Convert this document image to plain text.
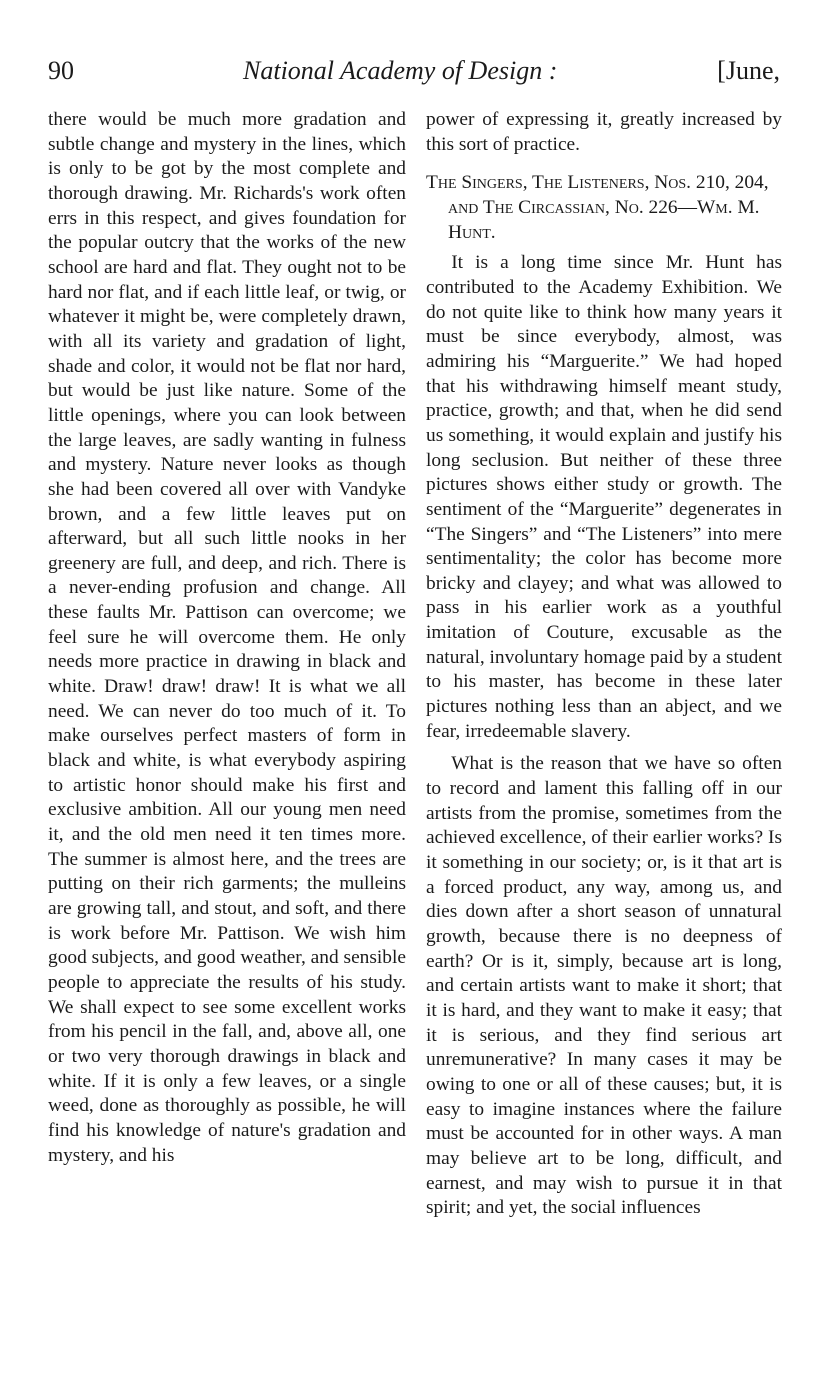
90	National Academy of Design :	[June,

there would be much more gradation and subtle change and mystery in the lines, which is only to be got by the most complete and thorough drawing. Mr. Richards's work often errs in this respect, and gives foundation for the popular outcry that the works of the new school are hard and flat. They ought not to be hard nor flat, and if each little leaf, or twig, or whatever it might be, were completely drawn, with all its variety and gradation of light, shade and color, it would not be flat nor hard, but would be just like nature. Some of the little openings, where you can look between the large leaves, are sadly wanting in fulness and mystery. Nature never looks as though she had been covered all over with Vandyke brown, and a few little leaves put on afterward, but all such little nooks in her greenery are full, and deep, and rich. There is a never-ending profusion and change. All these faults Mr. Pattison can overcome; we feel sure he will overcome them. He only needs more practice in drawing in black and white. Draw! draw! draw! It is what we all need. We can never do too much of it. To make ourselves perfect masters of form in black and white, is what everybody aspiring to artistic honor should make his first and exclusive ambition. All our young men need it, and the old men need it ten times more. The summer is almost here, and the trees are putting on their rich garments; the mulleins are growing tall, and stout, and soft, and there is work before Mr. Pattison. We wish him good subjects, and good weather, and sensible people to appreciate the results of his study. We shall expect to see some excellent works from his pencil in the fall, and, above all, one or two very thorough drawings in black and white. If it is only a few leaves, or a single weed, done as thoroughly as possible, he will find his knowledge of nature's gradation and mystery, and his

power of expressing it, greatly increased by this sort of practice.

The Singers, The Listeners, Nos. 210, 204, and The Circassian, No. 226—Wm. M. Hunt.

It is a long time since Mr. Hunt has contributed to the Academy Exhibition. We do not quite like to think how many years it must be since everybody, almost, was admiring his “Marguerite.” We had hoped that his withdrawing himself meant study, practice, growth; and that, when he did send us something, it would explain and justify his long seclusion. But neither of these three pictures shows either study or growth. The sentiment of the “Marguerite” degenerates in “The Singers” and “The Listeners” into mere sentimentality; the color has become more bricky and clayey; and what was allowed to pass in his earlier work as a youthful imitation of Couture, excusable as the natural, involuntary homage paid by a student to his master, has become in these later pictures nothing less than an abject, and we fear, irredeemable slavery.

What is the reason that we have so often to record and lament this falling off in our artists from the promise, sometimes from the achieved excellence, of their earlier works? Is it something in our society; or, is it that art is a forced product, any way, among us, and dies down after a short season of unnatural growth, because there is no deepness of earth? Or is it, simply, because art is long, and certain artists want to make it short; that it is hard, and they want to make it easy; that it is serious, and they find serious art unremunerative? In many cases it may be owing to one or all of these causes; but, it is easy to imagine instances where the failure must be accounted for in other ways. A man may believe art to be long, difficult, and earnest, and may wish to pursue it in that spirit; and yet, the social influences
